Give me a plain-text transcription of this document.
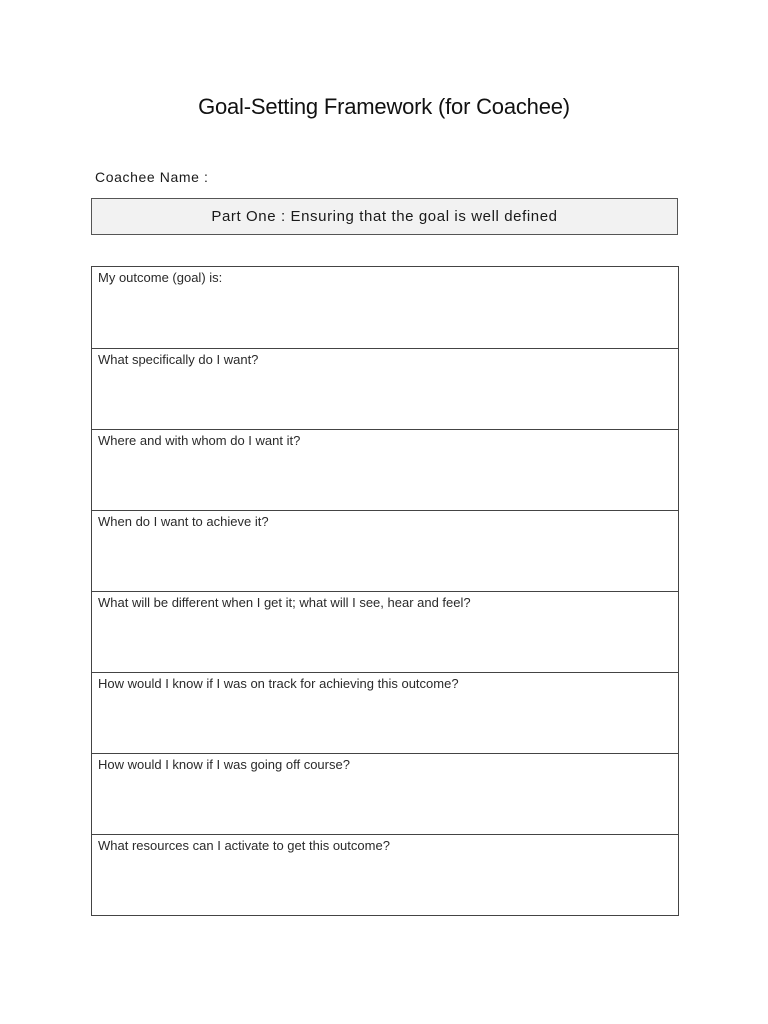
Goal-Setting Framework (for Coachee)
Coachee Name :
Part One : Ensuring that the goal is well defined
My outcome (goal) is:
What specifically do I want?
Where and with whom do I want it?
When do I want to achieve it?
What will be different when I get it; what will I see, hear and feel?
How would I know if I was on track for achieving this outcome?
How would I know if I was going off course?
What resources can I activate to get this outcome?
